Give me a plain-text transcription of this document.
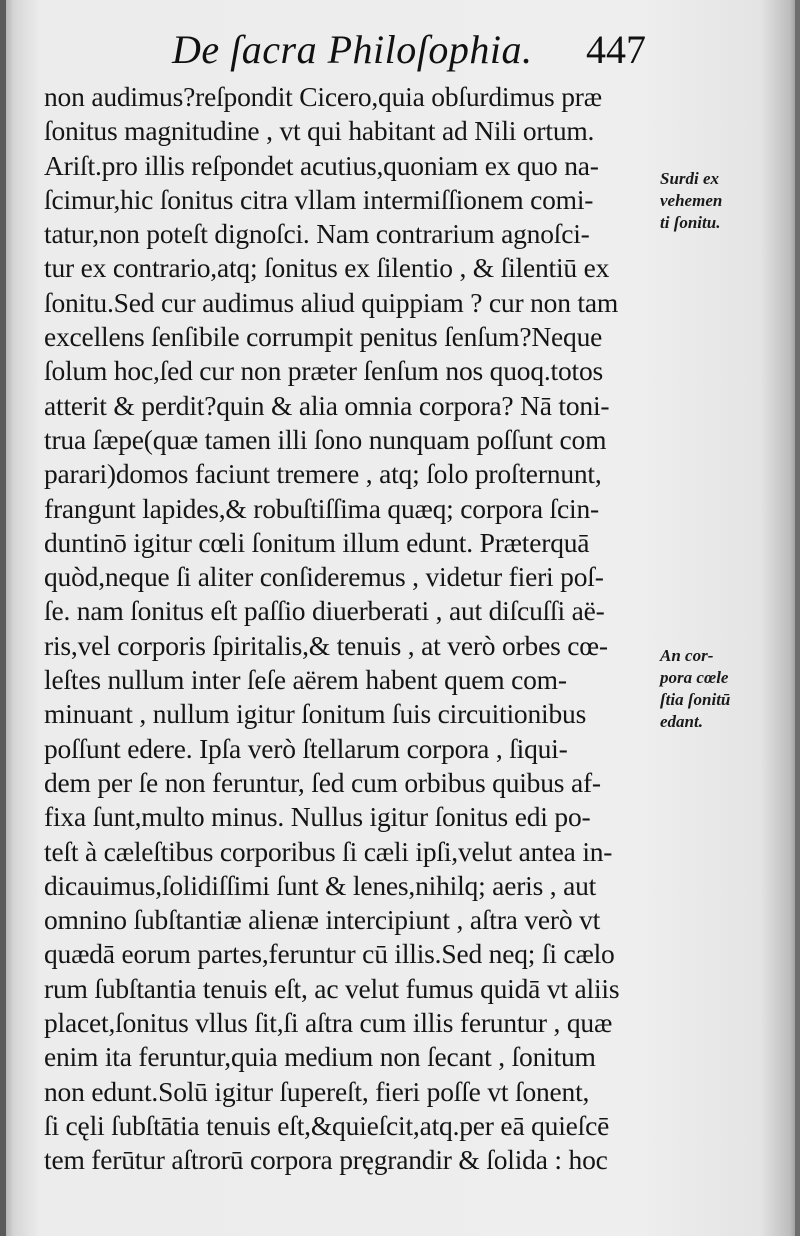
De ſacra Philoſophia. 447
non audimus?reſpondit Cicero,quia obſurdimus præ
ſonitus magnitudine , vt qui habitant ad Nili ortum.
Ariſt.pro illis reſpondet acutius,quoniam ex quo na-
ſcimur,hic ſonitus citra vllam intermiſſionem comi-
tatur,non poteſt dignoſci. Nam contrarium agnoſci-
tur ex contrario,atq; ſonitus ex ſilentio , & ſilentiū ex
ſonitu.Sed cur audimus aliud quippiam ? cur non tam
excellens ſenſibile corrumpit penitus ſenſum?Neque
ſolum hoc,ſed cur non præter ſenſum nos quoq.totos
atterit & perdit?quin & alia omnia corpora? Nā toni-
trua ſæpe(quæ tamen illi ſono nunquam poſſunt com
parari)domos faciunt tremere , atq; ſolo proſternunt,
frangunt lapides,& robuſtiſſima quæq; corpora ſcin-
duntinō igitur cœli ſonitum illum edunt. Præterquā
quòd,neque ſi aliter conſideremus , videtur fieri poſ-
ſe. nam ſonitus eſt paſſio diuerberati , aut diſcuſſi aë-
ris,vel corporis ſpiritalis,& tenuis , at verò orbes cœ-
leſtes nullum inter ſeſe aërem habent quem com-
minuant , nullum igitur ſonitum ſuis circuitionibus
poſſunt edere. Ipſa verò ſtellarum corpora , ſiqui-
dem per ſe non feruntur, ſed cum orbibus quibus af-
fixa ſunt,multo minus. Nullus igitur ſonitus edi po-
teſt à cæleſtibus corporibus ſi cæli ipſi,velut antea in-
dicauimus,ſolidiſſimi ſunt & lenes,nihilq; aeris , aut
omnino ſubſtantiæ alienæ intercipiunt , aſtra verò vt
quædā eorum partes,feruntur cū illis.Sed neq; ſi cælo
rum ſubſtantia tenuis eſt, ac velut fumus quidā vt aliis
placet,ſonitus vllus ſit,ſi aſtra cum illis feruntur , quæ
enim ita feruntur,quia medium non ſecant , ſonitum
non edunt.Solū igitur ſupereſt, fieri poſſe vt ſonent,
ſi cęli ſubſtātia tenuis eſt,&quieſcit,atq.per eā quieſcē
tem ferūtur aſtrorū corpora pręgrandir & ſolida : hoc
Surdi ex
vehemen
ti ſonitu.
An cor-
pora cœle
ſtia ſonitū
edant.
